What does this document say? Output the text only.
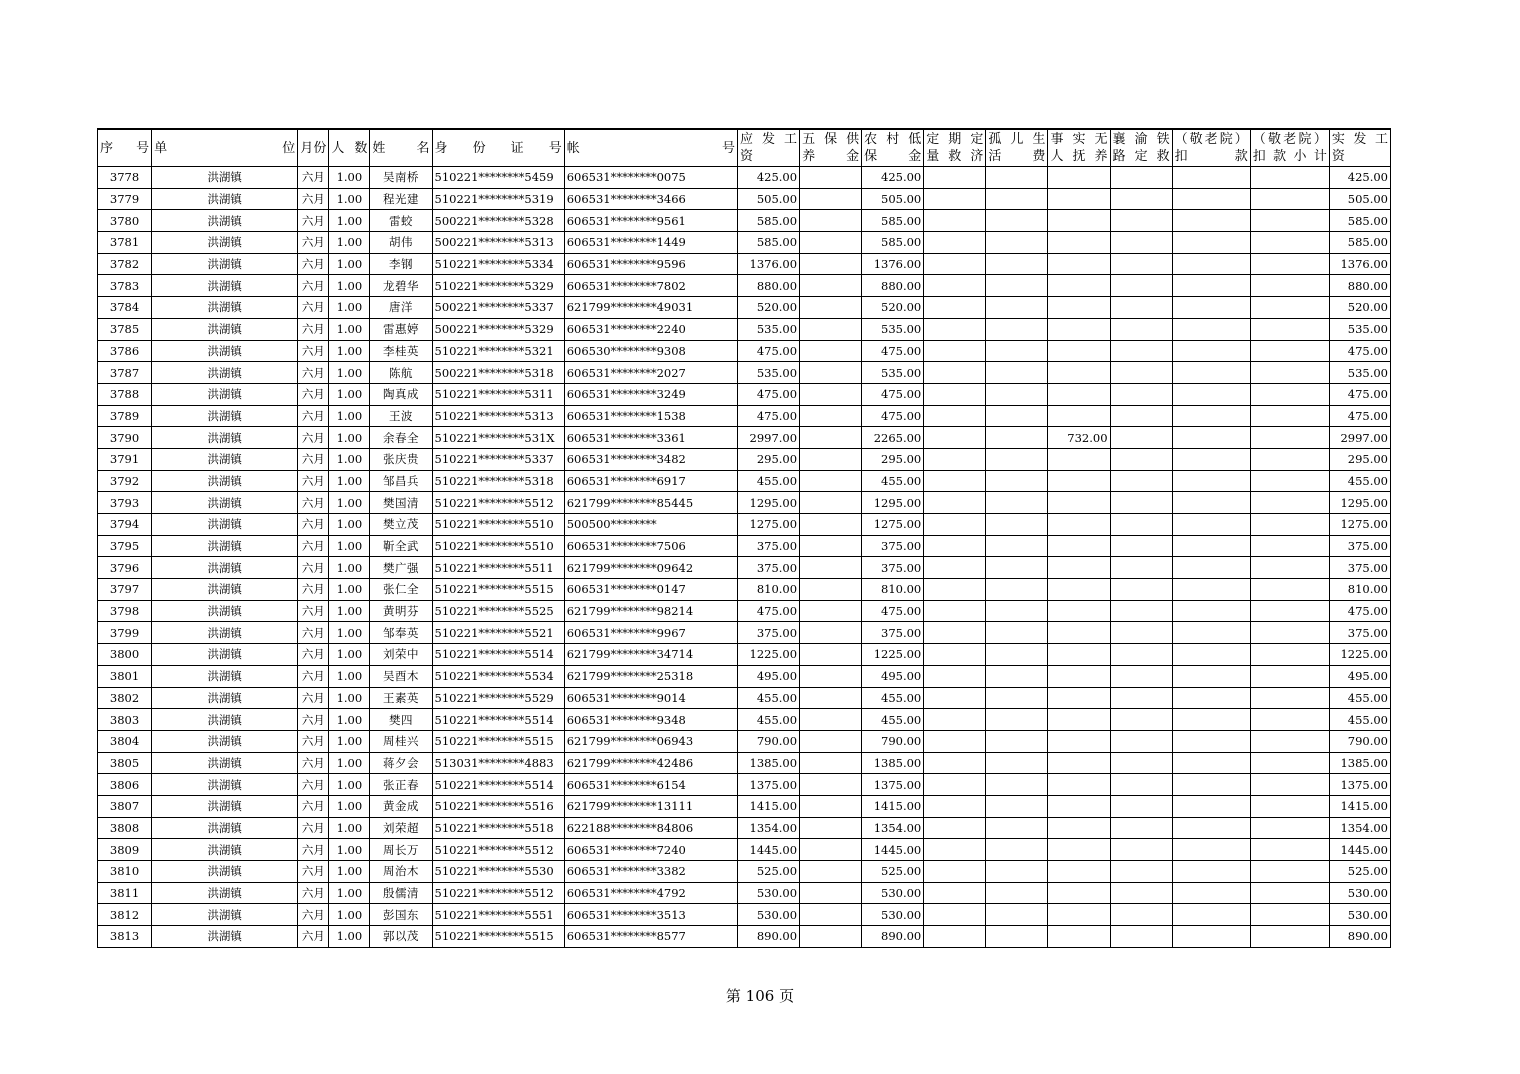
序　号	单　　　　位	月份	人 数	姓　　名	身　份　证　号	帐　　　　　号	应 发 工 资	五 保 供 养 金	农 村 低 保 金	定 期 定 量 救 济	孤 儿 生 活 费	事 实 无 人 抚 养	襄 渝 铁 路 定 救	（敬老院）扣 款	（敬老院）扣 款 小 计	实 发 工 资
3778	洪湖镇	六月	1.00	吴南桥	510221********5459	606531********0075	425.00		425.00							425.00
3779	洪湖镇	六月	1.00	程光建	510221********5319	606531********3466	505.00		505.00							505.00
3780	洪湖镇	六月	1.00	雷蛟	500221********5328	606531********9561	585.00		585.00							585.00
3781	洪湖镇	六月	1.00	胡伟	500221********5313	606531********1449	585.00		585.00							585.00
3782	洪湖镇	六月	1.00	李钢	510221********5334	606531********9596	1376.00		1376.00							1376.00
3783	洪湖镇	六月	1.00	龙碧华	510221********5329	606531********7802	880.00		880.00							880.00
3784	洪湖镇	六月	1.00	唐洋	500221********5337	621799********49031	520.00		520.00							520.00
3785	洪湖镇	六月	1.00	雷惠婷	500221********5329	606531********2240	535.00		535.00							535.00
3786	洪湖镇	六月	1.00	李桂英	510221********5321	606530********9308	475.00		475.00							475.00
3787	洪湖镇	六月	1.00	陈航	500221********5318	606531********2027	535.00		535.00							535.00
3788	洪湖镇	六月	1.00	陶真成	510221********5311	606531********3249	475.00		475.00							475.00
3789	洪湖镇	六月	1.00	王波	510221********5313	606531********1538	475.00		475.00							475.00
3790	洪湖镇	六月	1.00	余春全	510221********531X	606531********3361	2997.00		2265.00			732.00				2997.00
3791	洪湖镇	六月	1.00	张庆贵	510221********5337	606531********3482	295.00		295.00							295.00
3792	洪湖镇	六月	1.00	邹昌兵	510221********5318	606531********6917	455.00		455.00							455.00
3793	洪湖镇	六月	1.00	樊国清	510221********5512	621799********85445	1295.00		1295.00							1295.00
3794	洪湖镇	六月	1.00	樊立茂	510221********5510	500500********	1275.00		1275.00							1275.00
3795	洪湖镇	六月	1.00	靳全武	510221********5510	606531********7506	375.00		375.00							375.00
3796	洪湖镇	六月	1.00	樊广强	510221********5511	621799********09642	375.00		375.00							375.00
3797	洪湖镇	六月	1.00	张仁全	510221********5515	606531********0147	810.00		810.00							810.00
3798	洪湖镇	六月	1.00	黄明芬	510221********5525	621799********98214	475.00		475.00							475.00
3799	洪湖镇	六月	1.00	邹奉英	510221********5521	606531********9967	375.00		375.00							375.00
3800	洪湖镇	六月	1.00	刘荣中	510221********5514	621799********34714	1225.00		1225.00							1225.00
3801	洪湖镇	六月	1.00	吴酉木	510221********5534	621799********25318	495.00		495.00							495.00
3802	洪湖镇	六月	1.00	王素英	510221********5529	606531********9014	455.00		455.00							455.00
3803	洪湖镇	六月	1.00	樊四	510221********5514	606531********9348	455.00		455.00							455.00
3804	洪湖镇	六月	1.00	周桂兴	510221********5515	621799********06943	790.00		790.00							790.00
3805	洪湖镇	六月	1.00	蒋夕会	513031********4883	621799********42486	1385.00		1385.00							1385.00
3806	洪湖镇	六月	1.00	张正春	510221********5514	606531********6154	1375.00		1375.00							1375.00
3807	洪湖镇	六月	1.00	黄金成	510221********5516	621799********13111	1415.00		1415.00							1415.00
3808	洪湖镇	六月	1.00	刘荣超	510221********5518	622188********84806	1354.00		1354.00							1354.00
3809	洪湖镇	六月	1.00	周长万	510221********5512	606531********7240	1445.00		1445.00							1445.00
3810	洪湖镇	六月	1.00	周治木	510221********5530	606531********3382	525.00		525.00							525.00
3811	洪湖镇	六月	1.00	殷儒清	510221********5512	606531********4792	530.00		530.00							530.00
3812	洪湖镇	六月	1.00	彭国东	510221********5551	606531********3513	530.00		530.00							530.00
3813	洪湖镇	六月	1.00	郭以茂	510221********5515	606531********8577	890.00		890.00							890.00
第 106 页
